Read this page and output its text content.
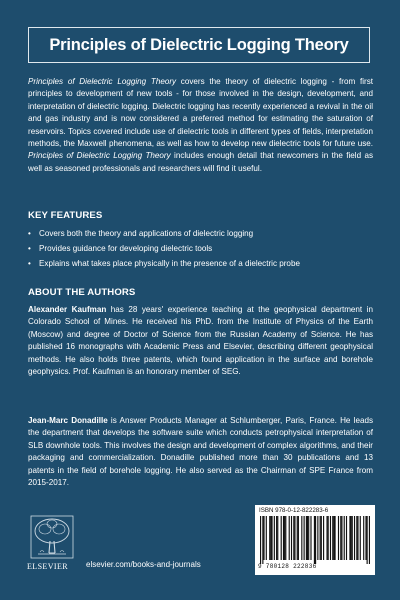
Principles of Dielectric Logging Theory

Principles of Dielectric Logging Theory covers the theory of dielectric logging - from first principles to development of new tools - for those involved in the design, development, and interpretation of dielectric logging. Dielectric logging has recently experienced a revival in the oil and gas industry and is now considered a preferred method for estimating the saturation of reservoirs. Topics covered include use of dielectric tools in different types of fields, interpretation methods, the Maxwell phenomena, as well as how to develop new dielectric tools for future use. Principles of Dielectric Logging Theory includes enough detail that newcomers in the field as well as seasoned professionals and researchers will find it useful.

KEY FEATURES
• Covers both the theory and applications of dielectric logging
• Provides guidance for developing dielectric tools
• Explains what takes place physically in the presence of a dielectric probe
ABOUT THE AUTHORS

Alexander Kaufman has 28 years' experience teaching at the geophysical department in Colorado School of Mines. He received his PhD. from the Institute of Physics of the Earth (Moscow) and degree of Doctor of Science from the Russian Academy of Science. He has published 16 monographs with Academic Press and Elsevier, describing different geophysical methods. He also holds three patents, which found application in the surface and borehole geophysics. Prof. Kaufman is an honorary member of SEG.

Jean-Marc Donadille is Answer Products Manager at Schlumberger, Paris, France. He leads the department that develops the software suite which conducts petrophysical interpretation of SLB downhole tools. This involves the design and development of complex algorithms, and their packaging and commercialization. Donadille published more than 30 publications and 13 patents in the field of borehole logging. He also served as the Chairman of SPE France from 2015-2017.

ELSEVIER elsevier.com/books-and-journals
ISBN 978-0-12-822283-6
9 780128 222836
